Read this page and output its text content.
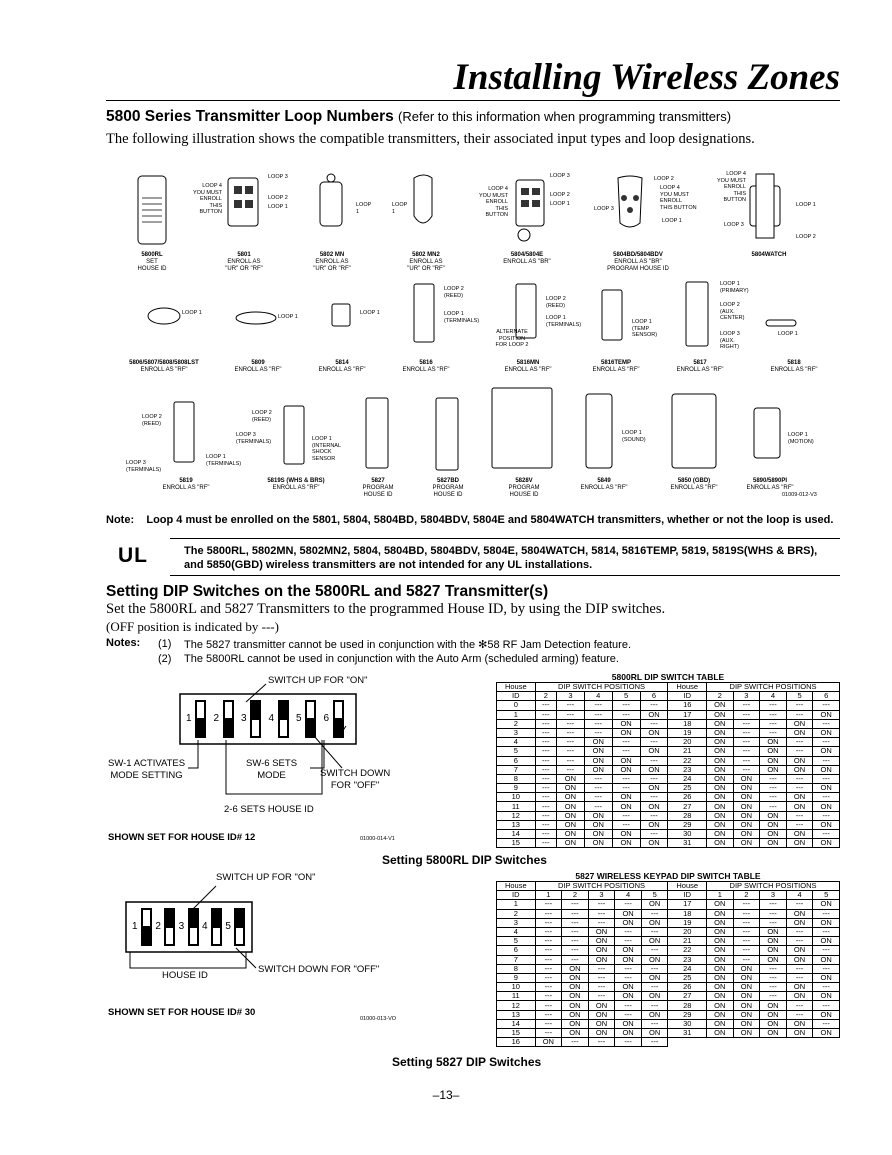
Installing Wireless Zones
5800 Series Transmitter Loop Numbers (Refer to this information when programming transmitters)
The following illustration shows the compatible transmitters, their associated input types and loop designations.
LOOP 3
LOOP 2
LOOP 1
LOOP 4
YOU MUST
ENROLL
THIS
BUTTON
LOOP
1
LOOP
1
LOOP 3
LOOP 2
LOOP 1
LOOP 4
YOU MUST
ENROLL
THIS
BUTTON
LOOP 2
LOOP 4
YOU MUST
ENROLL
THIS BUTTON
LOOP 3
LOOP 1
LOOP 4
YOU MUST
ENROLL
THIS
BUTTON
LOOP 1
LOOP 3
LOOP 2
5800RL
SET
HOUSE ID
5801
ENROLL AS
"UR" OR "RF"
5802 MN
ENROLL AS
"UR" OR "RF"
5802 MN2
ENROLL AS
"UR" OR "RF"
5804/5804E
ENROLL AS "BR"
5804BD/5804BDV
ENROLL AS "BR"
PROGRAM HOUSE ID
5804WATCH
LOOP 1
LOOP 1
LOOP 1
LOOP 2
(REED)
LOOP 1
(TERMINALS)
LOOP 2
(REED)
LOOP 1
(TERMINALS)
ALTERNATE
POSITION
FOR LOOP 2
LOOP 1
(TEMP
SENSOR)
LOOP 1
(PRIMARY)
LOOP 2
(AUX.
CENTER)
LOOP 3
(AUX.
RIGHT)
LOOP 1
5806/5807/5808/5808LST
ENROLL AS "RF"
5809
ENROLL AS "RF"
5814
ENROLL AS "RF"
5816
ENROLL AS "RF"
5816MN
ENROLL AS "RF"
5816TEMP
ENROLL AS "RF"
5817
ENROLL AS "RF"
5818
ENROLL AS "RF"
LOOP 2
(REED)
LOOP 3
(TERMINALS)
LOOP 1
(TERMINALS)
LOOP 2
(REED)
LOOP 3
(TERMINALS)	LOOP 1
(INTERNAL
SHOCK
SENSOR
LOOP 1
(SOUND)
LOOP 1
(MOTION)
5819
ENROLL AS "RF"
5819S (WHS & BRS)
ENROLL AS "RF"
5827
PROGRAM
HOUSE ID
5827BD
PROGRAM
HOUSE ID
5828V
PROGRAM
HOUSE ID
5849
ENROLL AS "RF"
5850 (GBD)
ENROLL AS "RF"
5890/5890PI
ENROLL AS "RF"
01009-012-V3
Note: Loop 4 must be enrolled on the 5801, 5804, 5804BD, 5804BDV, 5804E and 5804WATCH transmitters, whether or not the loop is used.
UL	The 5800RL, 5802MN, 5802MN2, 5804, 5804BD, 5804BDV, 5804E, 5804WATCH, 5814, 5816TEMP, 5819, 5819S(WHS & BRS), and 5850(GBD) wireless transmitters are not intended for any UL installations.
Setting DIP Switches on the 5800RL and 5827 Transmitter(s)
Set the 5800RL and 5827 Transmitters to the programmed House ID, by using the DIP switches.
(OFF position is indicated by ---)
Notes: (1) The 5827 transmitter cannot be used in conjunction with the ✻58 RF Jam Detection feature.
(2) The 5800RL cannot be used in conjunction with the Auto Arm (scheduled arming) feature.
SWITCH UP FOR "ON"
SW-1 ACTIVATES
MODE SETTING
SW-6 SETS
MODE	SWITCH DOWN
FOR "OFF"
2-6 SETS HOUSE ID
SHOWN SET FOR HOUSE ID# 12	01000-014-V1
1 2 3 4 5 6
Setting 5800RL DIP Switches
5800RL DIP SWITCH TABLE
House	DIP SWITCH POSITIONS					House	DIP SWITCH POSITIONS				
ID	2	3	4	5	6	ID	2	3	4	5	6
0	---	---	---	---	---	16	ON	---	---	---	---
1	---	---	---	---	ON	17	ON	---	---	---	ON
2	---	---	---	ON	---	18	ON	---	---	ON	---
3	---	---	---	ON	ON	19	ON	---	---	ON	ON
4	---	---	ON	---	---	20	ON	---	ON	---	---
5	---	---	ON	---	ON	21	ON	---	ON	---	ON
6	---	---	ON	ON	---	22	ON	---	ON	ON	---
7	---	---	ON	ON	ON	23	ON	---	ON	ON	ON
8	---	ON	---	---	---	24	ON	ON	---	---	---
9	---	ON	---	---	ON	25	ON	ON	---	---	ON
10	---	ON	---	ON	---	26	ON	ON	---	ON	---
11	---	ON	---	ON	ON	27	ON	ON	---	ON	ON
12	---	ON	ON	---	---	28	ON	ON	ON	---	---
13	---	ON	ON	---	ON	29	ON	ON	ON	---	ON
14	---	ON	ON	ON	---	30	ON	ON	ON	ON	---
15	---	ON	ON	ON	ON	31	ON	ON	ON	ON	ON
SWITCH UP FOR "ON"
HOUSE ID
SWITCH DOWN FOR "OFF"
SHOWN SET FOR HOUSE ID# 30
01000-013-VO
1 2 3 4 5
5827 WIRELESS KEYPAD DIP SWITCH TABLE
House	DIP SWITCH POSITIONS					House	DIP SWITCH POSITIONS				
ID	1	2	3	4	5	ID	1	2	3	4	5
1	---	---	---	---	ON	17	ON	---	---	---	ON
2	---	---	---	ON	---	18	ON	---	---	ON	---
3	---	---	---	ON	ON	19	ON	---	---	ON	ON
4	---	---	ON	---	---	20	ON	---	ON	---	---
5	---	---	ON	---	ON	21	ON	---	ON	---	ON
6	---	---	ON	ON	---	22	ON	---	ON	ON	---
7	---	---	ON	ON	ON	23	ON	---	ON	ON	ON
8	---	ON	---	---	---	24	ON	ON	---	---	---
9	---	ON	---	---	ON	25	ON	ON	---	---	ON
10	---	ON	---	ON	---	26	ON	ON	---	ON	---
11	---	ON	---	ON	ON	27	ON	ON	---	ON	ON
12	---	ON	ON	---	---	28	ON	ON	ON	---	---
13	---	ON	ON	---	ON	29	ON	ON	ON	---	ON
14	---	ON	ON	ON	---	30	ON	ON	ON	ON	---
15	---	ON	ON	ON	ON	31	ON	ON	ON	ON	ON
16	ON	---	---	---	---						
Setting 5827 DIP Switches
–13–
